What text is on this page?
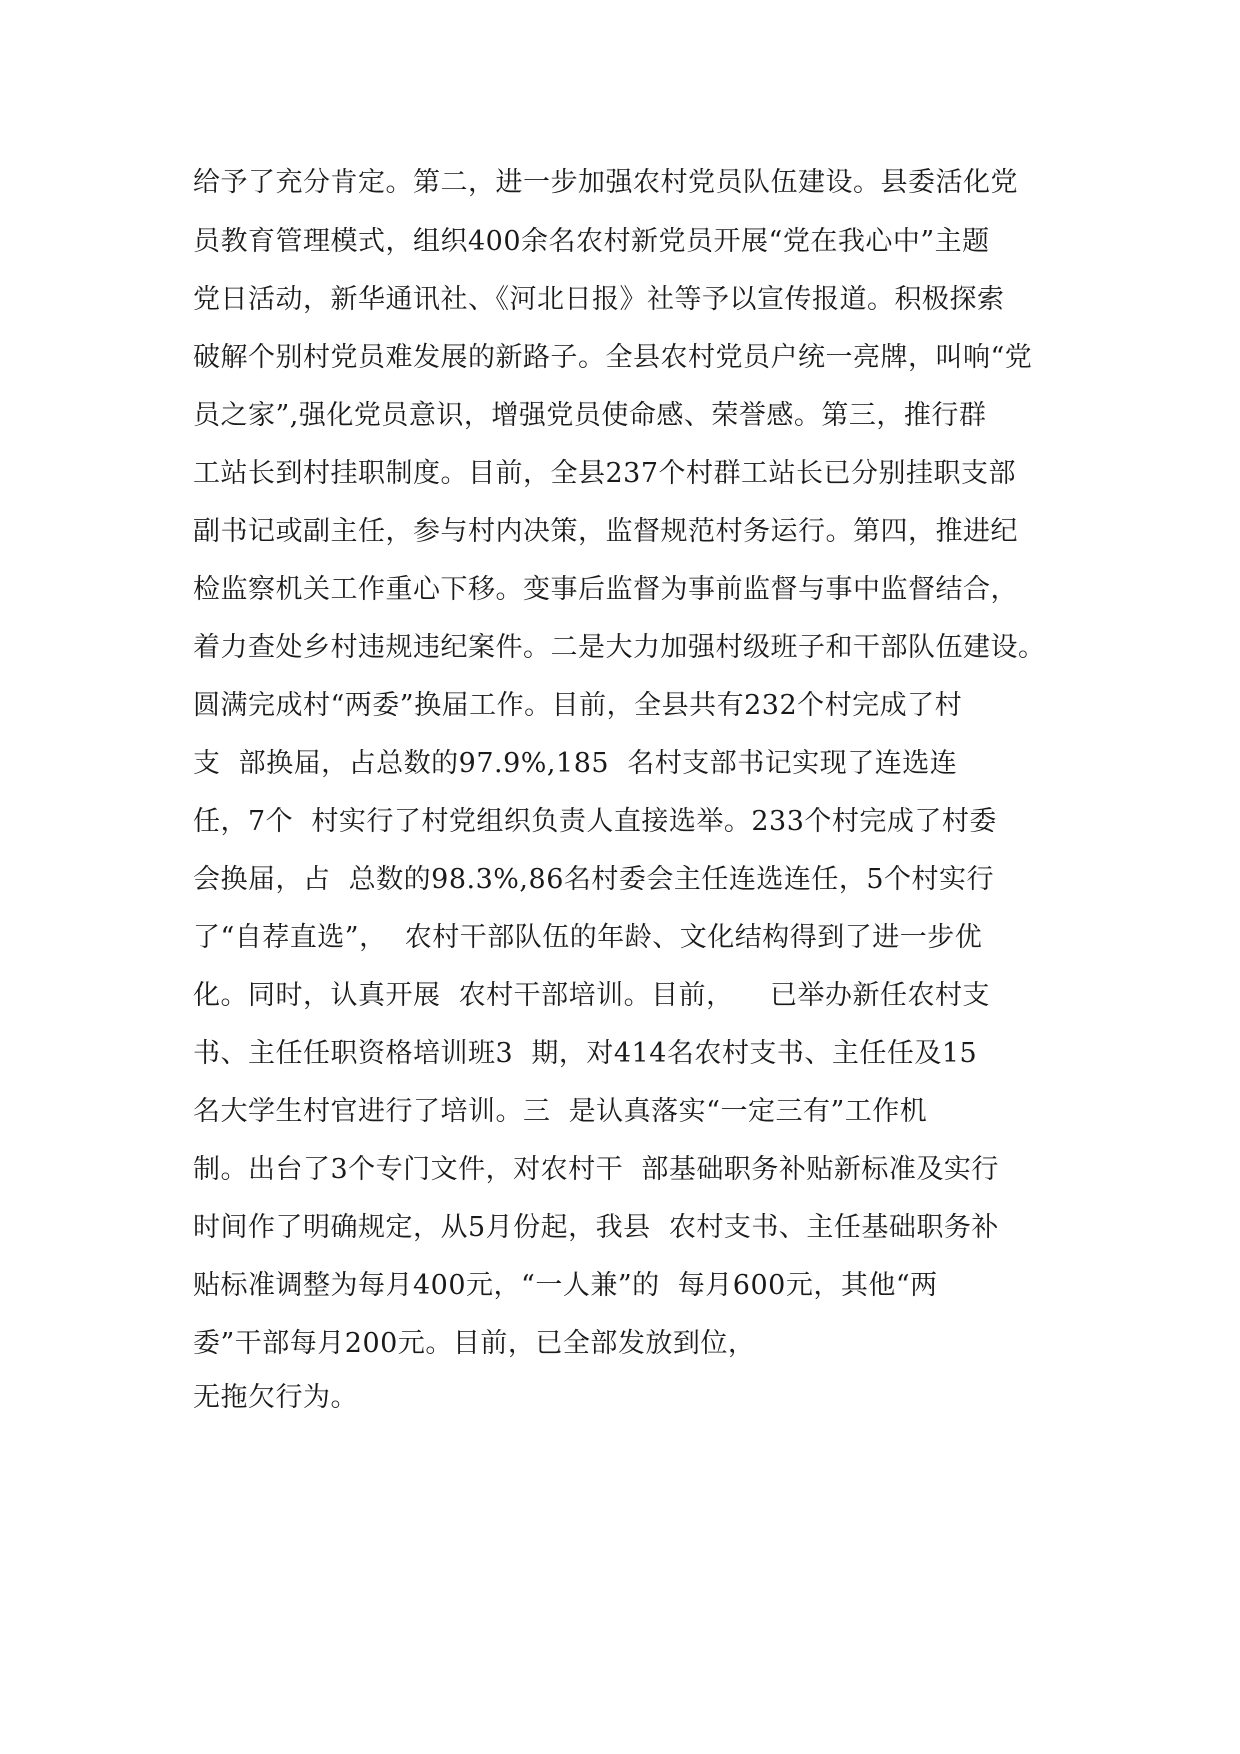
给予了充分肯定。第二，进一步加强农村党员队伍建设。县委活化党
员教育管理模式，组织400余名农村新党员开展“党在我心中”主题
党日活动，新华通讯社、《河北日报》社等予以宣传报道。积极探索
破解个别村党员难发展的新路子。全县农村党员户统一亮牌，叫响“党
员之家”,强化党员意识，增强党员使命感、荣誉感。第三，推行群
工站长到村挂职制度。目前，全县237个村群工站长已分别挂职支部
副书记或副主任，参与村内决策，监督规范村务运行。第四，推进纪
检监察机关工作重心下移。变事后监督为事前监督与事中监督结合，
着力查处乡村违规违纪案件。二是大力加强村级班子和干部队伍建设。
圆满完成村“两委”换届工作。目前，全县共有232个村完成了村
支  部换届，占总数的97.9%,185  名村支部书记实现了连选连
任，7个  村实行了村党组织负责人直接选举。233个村完成了村委
会换届，占  总数的98.3%,86名村委会主任连选连任，5个村实行
了“自荐直选”，  农村干部队伍的年龄、文化结构得到了进一步优
化。同时，认真开展  农村干部培训。目前，    已举办新任农村支
书、主任任职资格培训班3  期，对414名农村支书、主任任及15
名大学生村官进行了培训。三  是认真落实“一定三有”工作机
制。出台了3个专门文件，对农村干  部基础职务补贴新标准及实行
时间作了明确规定，从5月份起，我县  农村支书、主任基础职务补
贴标准调整为每月400元，“一人兼”的  每月600元，其他“两
委”干部每月200元。目前，已全部发放到位，
无拖欠行为。
